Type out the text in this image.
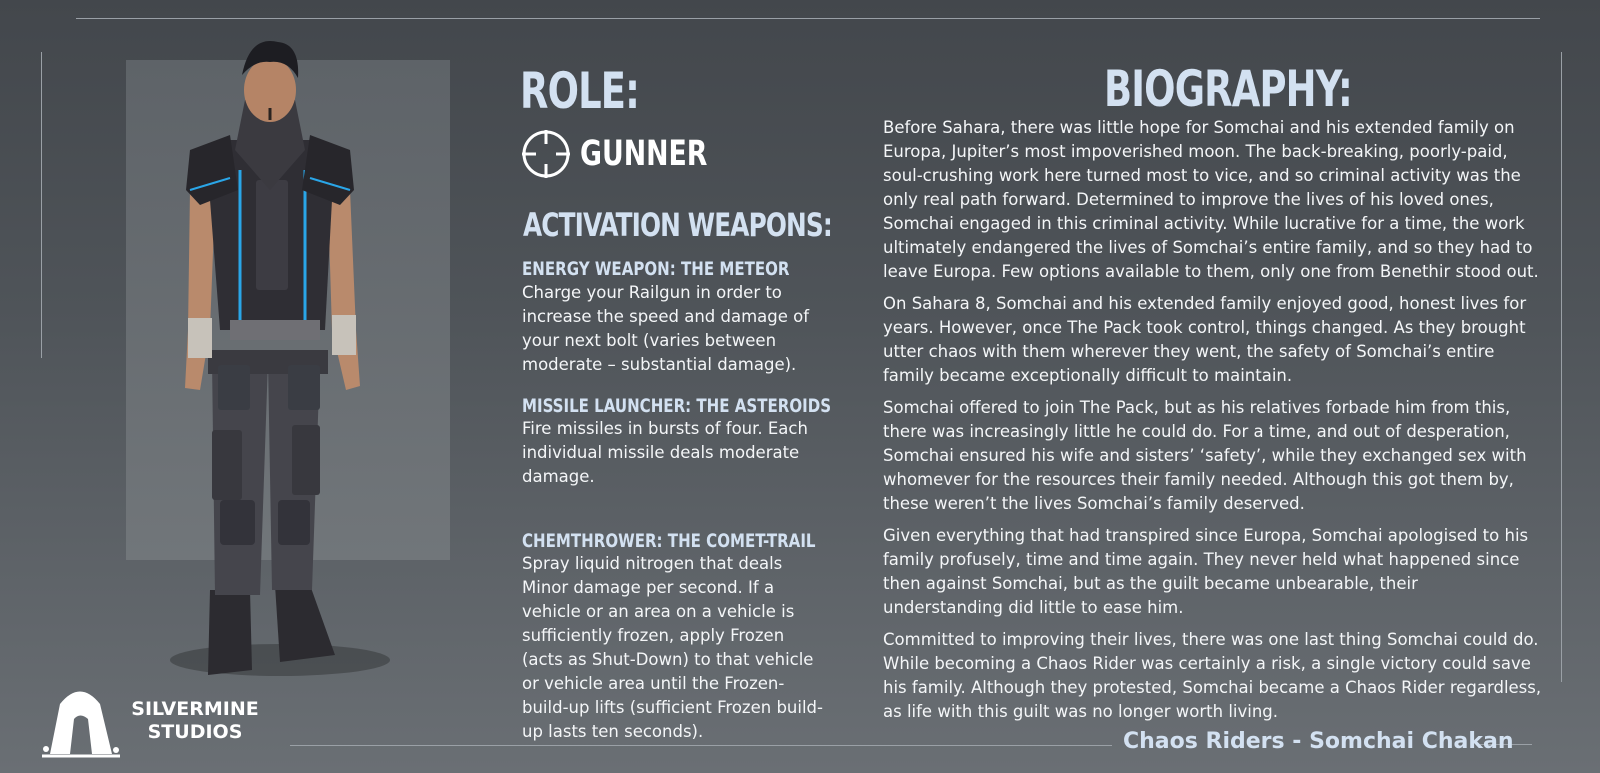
SILVERMINE
STUDIOS
ROLE:
GUNNER
ACTIVATION WEAPONS:
ENERGY WEAPON: THE METEOR
Charge your Railgun in order to increase the speed and damage of your next bolt (varies between moderate – substantial damage).
MISSILE LAUNCHER: THE ASTEROIDS
Fire missiles in bursts of four. Each individual missile deals moderate damage.
CHEMTHROWER: THE COMET-TRAIL
Spray liquid nitrogen that deals Minor damage per second. If a vehicle or an area on a vehicle is sufficiently frozen, apply Frozen (acts as Shut-Down) to that vehicle or vehicle area until the Frozen-build-up lifts (sufficient Frozen build-up lasts ten seconds).
BIOGRAPHY:

Before Sahara, there was little hope for Somchai and his extended family on Europa, Jupiter’s most impoverished moon. The back-breaking, poorly-paid, soul-crushing work here turned most to vice, and so criminal activity was the only real path forward. Determined to improve the lives of his loved ones, Somchai engaged in this criminal activity. While lucrative for a time, the work ultimately endangered the lives of Somchai’s entire family, and so they had to leave Europa. Few options available to them, only one from Benethir stood out.

On Sahara 8, Somchai and his extended family enjoyed good, honest lives for years. However, once The Pack took control, things changed. As they brought utter chaos with them wherever they went, the safety of Somchai’s entire family became exceptionally difficult to maintain.

Somchai offered to join The Pack, but as his relatives forbade him from this, there was increasingly little he could do. For a time, and out of desperation, Somchai ensured his wife and sisters’ ‘safety’, while they exchanged sex with whomever for the resources their family needed. Although this got them by, these weren’t the lives Somchai’s family deserved.

Given everything that had transpired since Europa, Somchai apologised to his family profusely, time and time again. They never held what happened since then against Somchai, but as the guilt became unbearable, their understanding did little to ease him.

Committed to improving their lives, there was one last thing Somchai could do. While becoming a Chaos Rider was certainly a risk, a single victory could save his family. Although they protested, Somchai became a Chaos Rider regardless, as life with this guilt was no longer worth living.

Chaos Riders - Somchai Chakan
